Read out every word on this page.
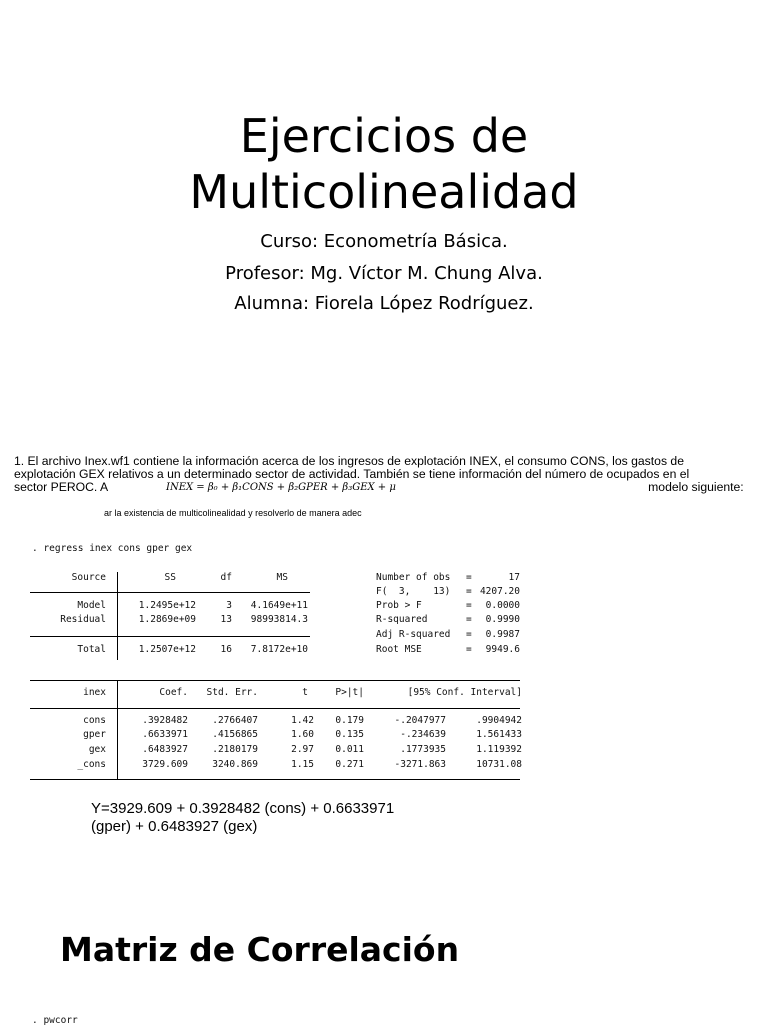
Ejercicios de
Multicolinealidad
Curso: Econometría Básica.
Profesor: Mg. Víctor M. Chung Alva.
Alumna: Fiorela López Rodríguez.
1. El archivo Inex.wf1 contiene la información acerca de los ingresos de explotación INEX, el consumo CONS, los gastos de
explotación GEX relativos a un determinado sector de actividad. También se tiene información del número de ocupados en el
sector PEROC. A	modelo siguiente:
INEX = β₀ + β₁CONS + β₂GPER + β₃GEX + μ
ar la existencia de multicolinealidad y resolverlo de manera adec
. regress inex cons gper gex
Source	SS	df	MS
Model	1.2495e+12	3	4.1649e+11
Residual	1.2869e+09	13	98993814.3
Total	1.2507e+12	16	7.8172e+10
Number of obs =	17
F(  3,    13) = 4207.20
Prob > F	=	0.0000
R-squared	=	0.9990
Adj R-squared =	0.9987
Root MSE	=	9949.6
inex	Coef.	Std. Err.	t	P>|t|	[95% Conf. Interval]
cons	.3928482	.2766407	1.42	0.179	-.2047977	.9904942
gper	.6633971	.4156865	1.60	0.135	-.234639	1.561433
gex	.6483927	.2180179	2.97	0.011	.1773935	1.119392
_cons	3729.609	3240.869	1.15	0.271	-3271.863	10731.08
Y=3929.609 + 0.3928482 (cons) + 0.6633971
(gper) + 0.6483927 (gex)
Matriz de Correlación
. pwcorr
